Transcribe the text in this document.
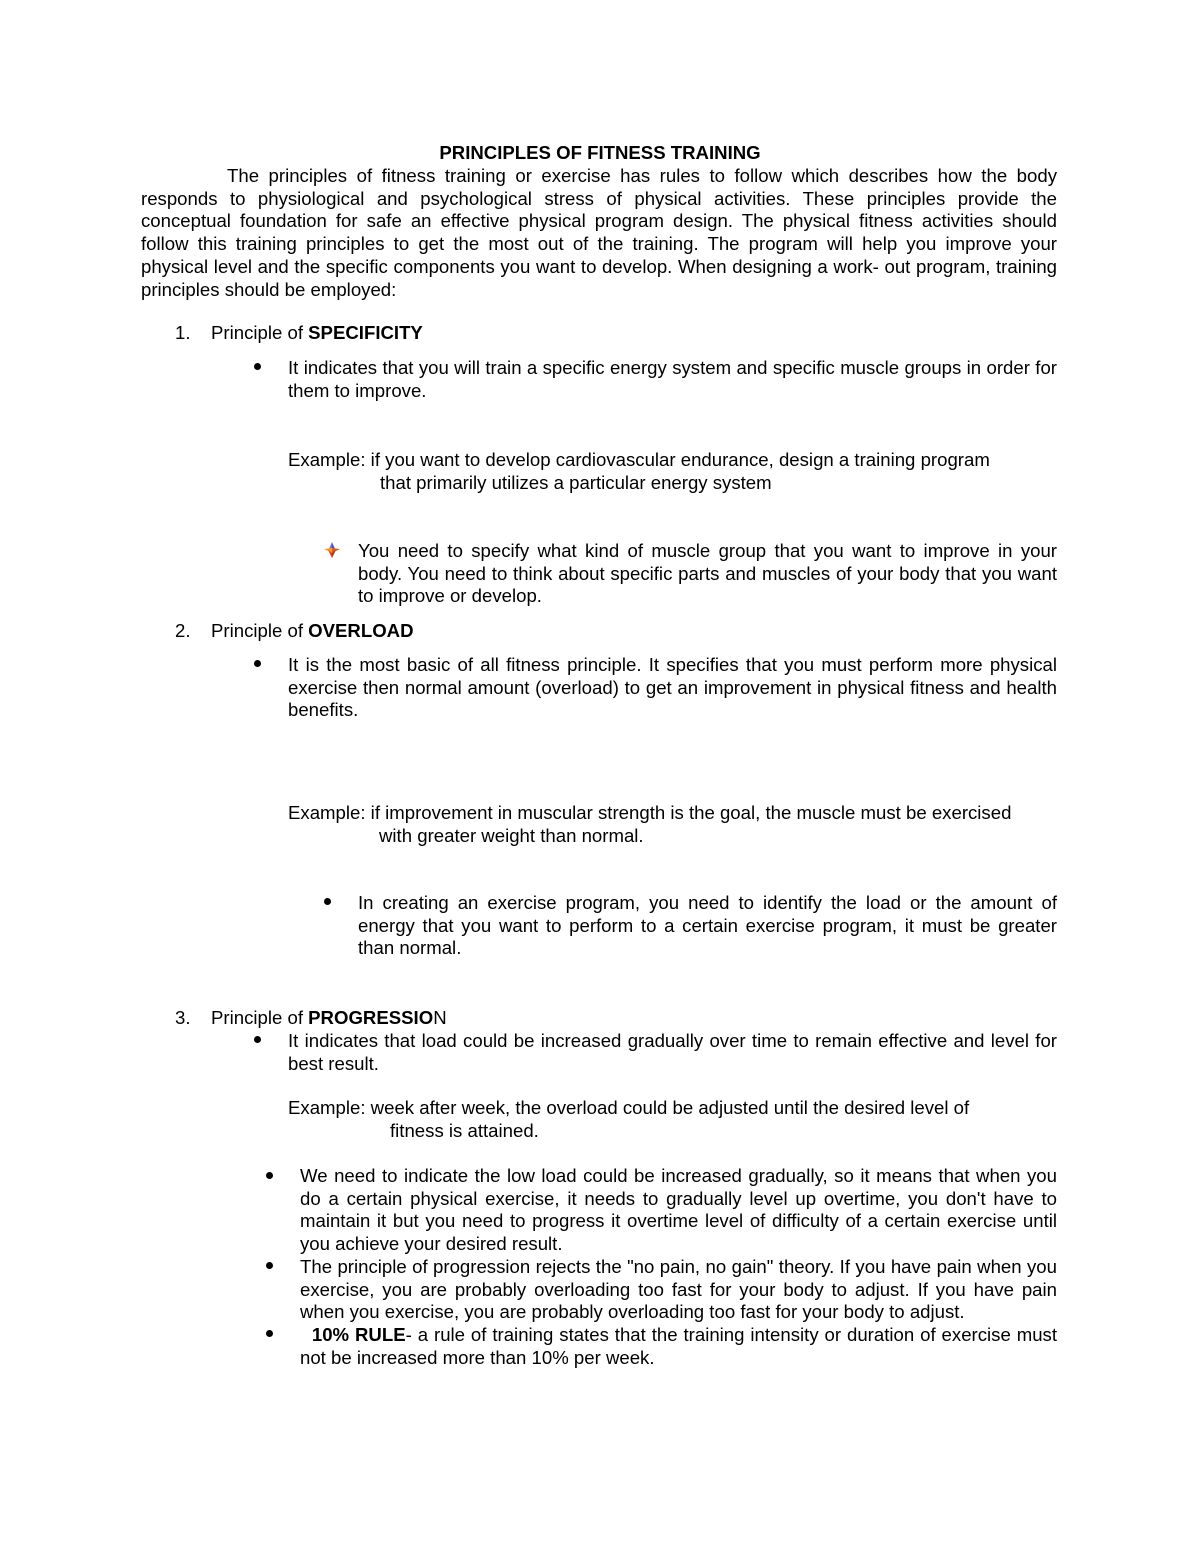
PRINCIPLES OF FITNESS TRAINING

The principles of fitness training or exercise has rules to follow which describes how the body responds to physiological and psychological stress of physical activities. These principles provide the conceptual foundation for safe an effective physical program design. The physical fitness activities should follow this training principles to get the most out of the training. The program will help you improve your physical level and the specific components you want to develop. When designing a work- out program, training principles should be employed:

1. Principle of SPECIFICITY

It indicates that you will train a specific energy system and specific muscle groups in order for them to improve.

Example: if you want to develop cardiovascular endurance, design a training program
that primarily utilizes a particular energy system

You need to specify what kind of muscle group that you want to improve in your body. You need to think about specific parts and muscles of your body that you want to improve or develop.

2. Principle of OVERLOAD

It is the most basic of all fitness principle. It specifies that you must perform more physical exercise then normal amount (overload) to get an improvement in physical fitness and health benefits.

Example: if improvement in muscular strength is the goal, the muscle must be exercised
with greater weight than normal.

In creating an exercise program, you need to identify the load or the amount of energy that you want to perform to a certain exercise program, it must be greater than normal.

3. Principle of PROGRESSION

It indicates that load could be increased gradually over time to remain effective and level for best result.

Example: week after week, the overload could be adjusted until the desired level of
fitness is attained.

We need to indicate the low load could be increased gradually, so it means that when you do a certain physical exercise, it needs to gradually level up overtime, you don't have to maintain it but you need to progress it overtime level of difficulty of a certain exercise until you achieve your desired result.

The principle of progression rejects the "no pain, no gain" theory. If you have pain when you exercise, you are probably overloading too fast for your body to adjust. If you have pain when you exercise, you are probably overloading too fast for your body to adjust.

10% RULE- a rule of training states that the training intensity or duration of exercise must not be increased more than 10% per week.
